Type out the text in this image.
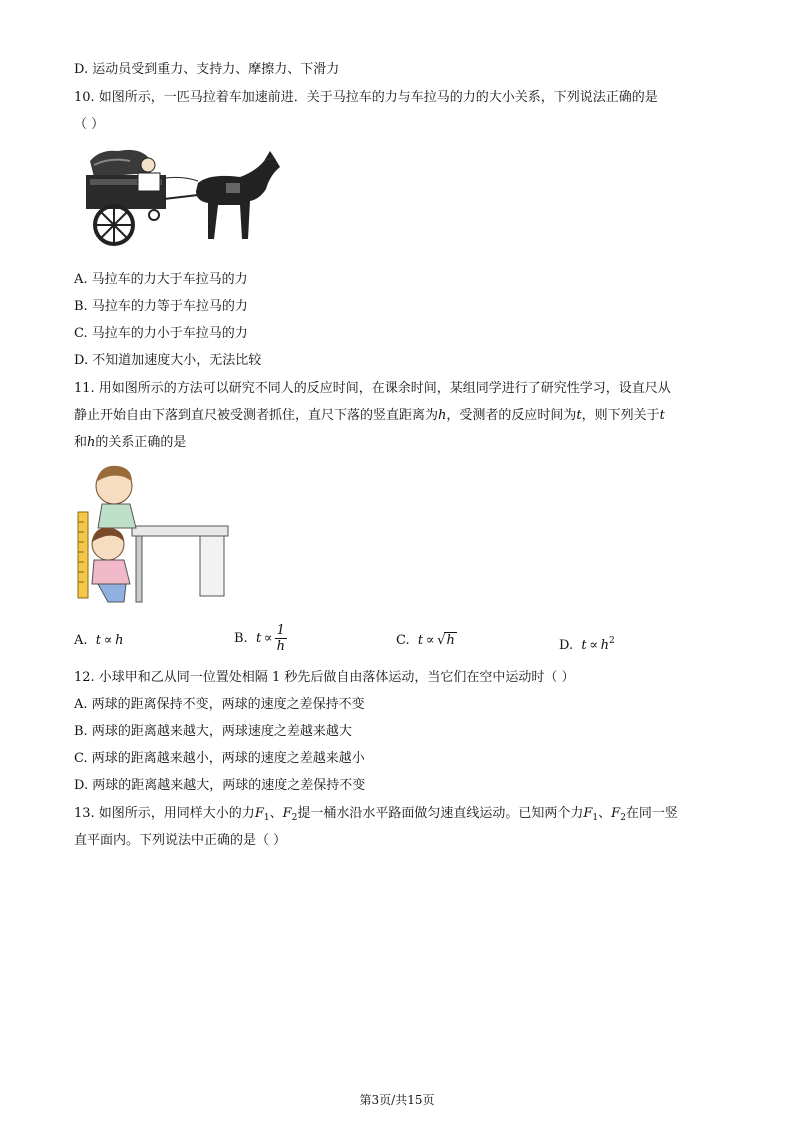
D. 运动员受到重力、支持力、摩擦力、下滑力
10. 如图所示，一匹马拉着车加速前进．关于马拉车的力与车拉马的力的大小关系，下列说法正确的是
（ ）
A. 马拉车的力大于车拉马的力
B. 马拉车的力等于车拉马的力
C. 马拉车的力小于车拉马的力
D. 不知道加速度大小，无法比较
11. 用如图所示的方法可以研究不同人的反应时间，在课余时间，某组同学进行了研究性学习，设直尺从
静止开始自由下落到直尺被受测者抓住，直尺下落的竖直距离为h，受测者的反应时间为t，则下列关于t
和h的关系正确的是
A. t  ∝  h	B. $t \propto \frac{1}{h}$	C. t  ∝ √h	D. $t \propto h^2$
12. 小球甲和乙从同一位置处相隔 1 秒先后做自由落体运动，当它们在空中运动时（ ）
A. 两球的距离保持不变，两球的速度之差保持不变
B. 两球的距离越来越大，两球速度之差越来越大
C. 两球的距离越来越小，两球的速度之差越来越小
D. 两球的距离越来越大，两球的速度之差保持不变
13. 如图所示，用同样大小的力$F_1$、$F_2$提一桶水沿水平路面做匀速直线运动。已知两个力$F_1$、$F_2$在同一竖
直平面内。下列说法中正确的是（ ）
第3页/共15页
